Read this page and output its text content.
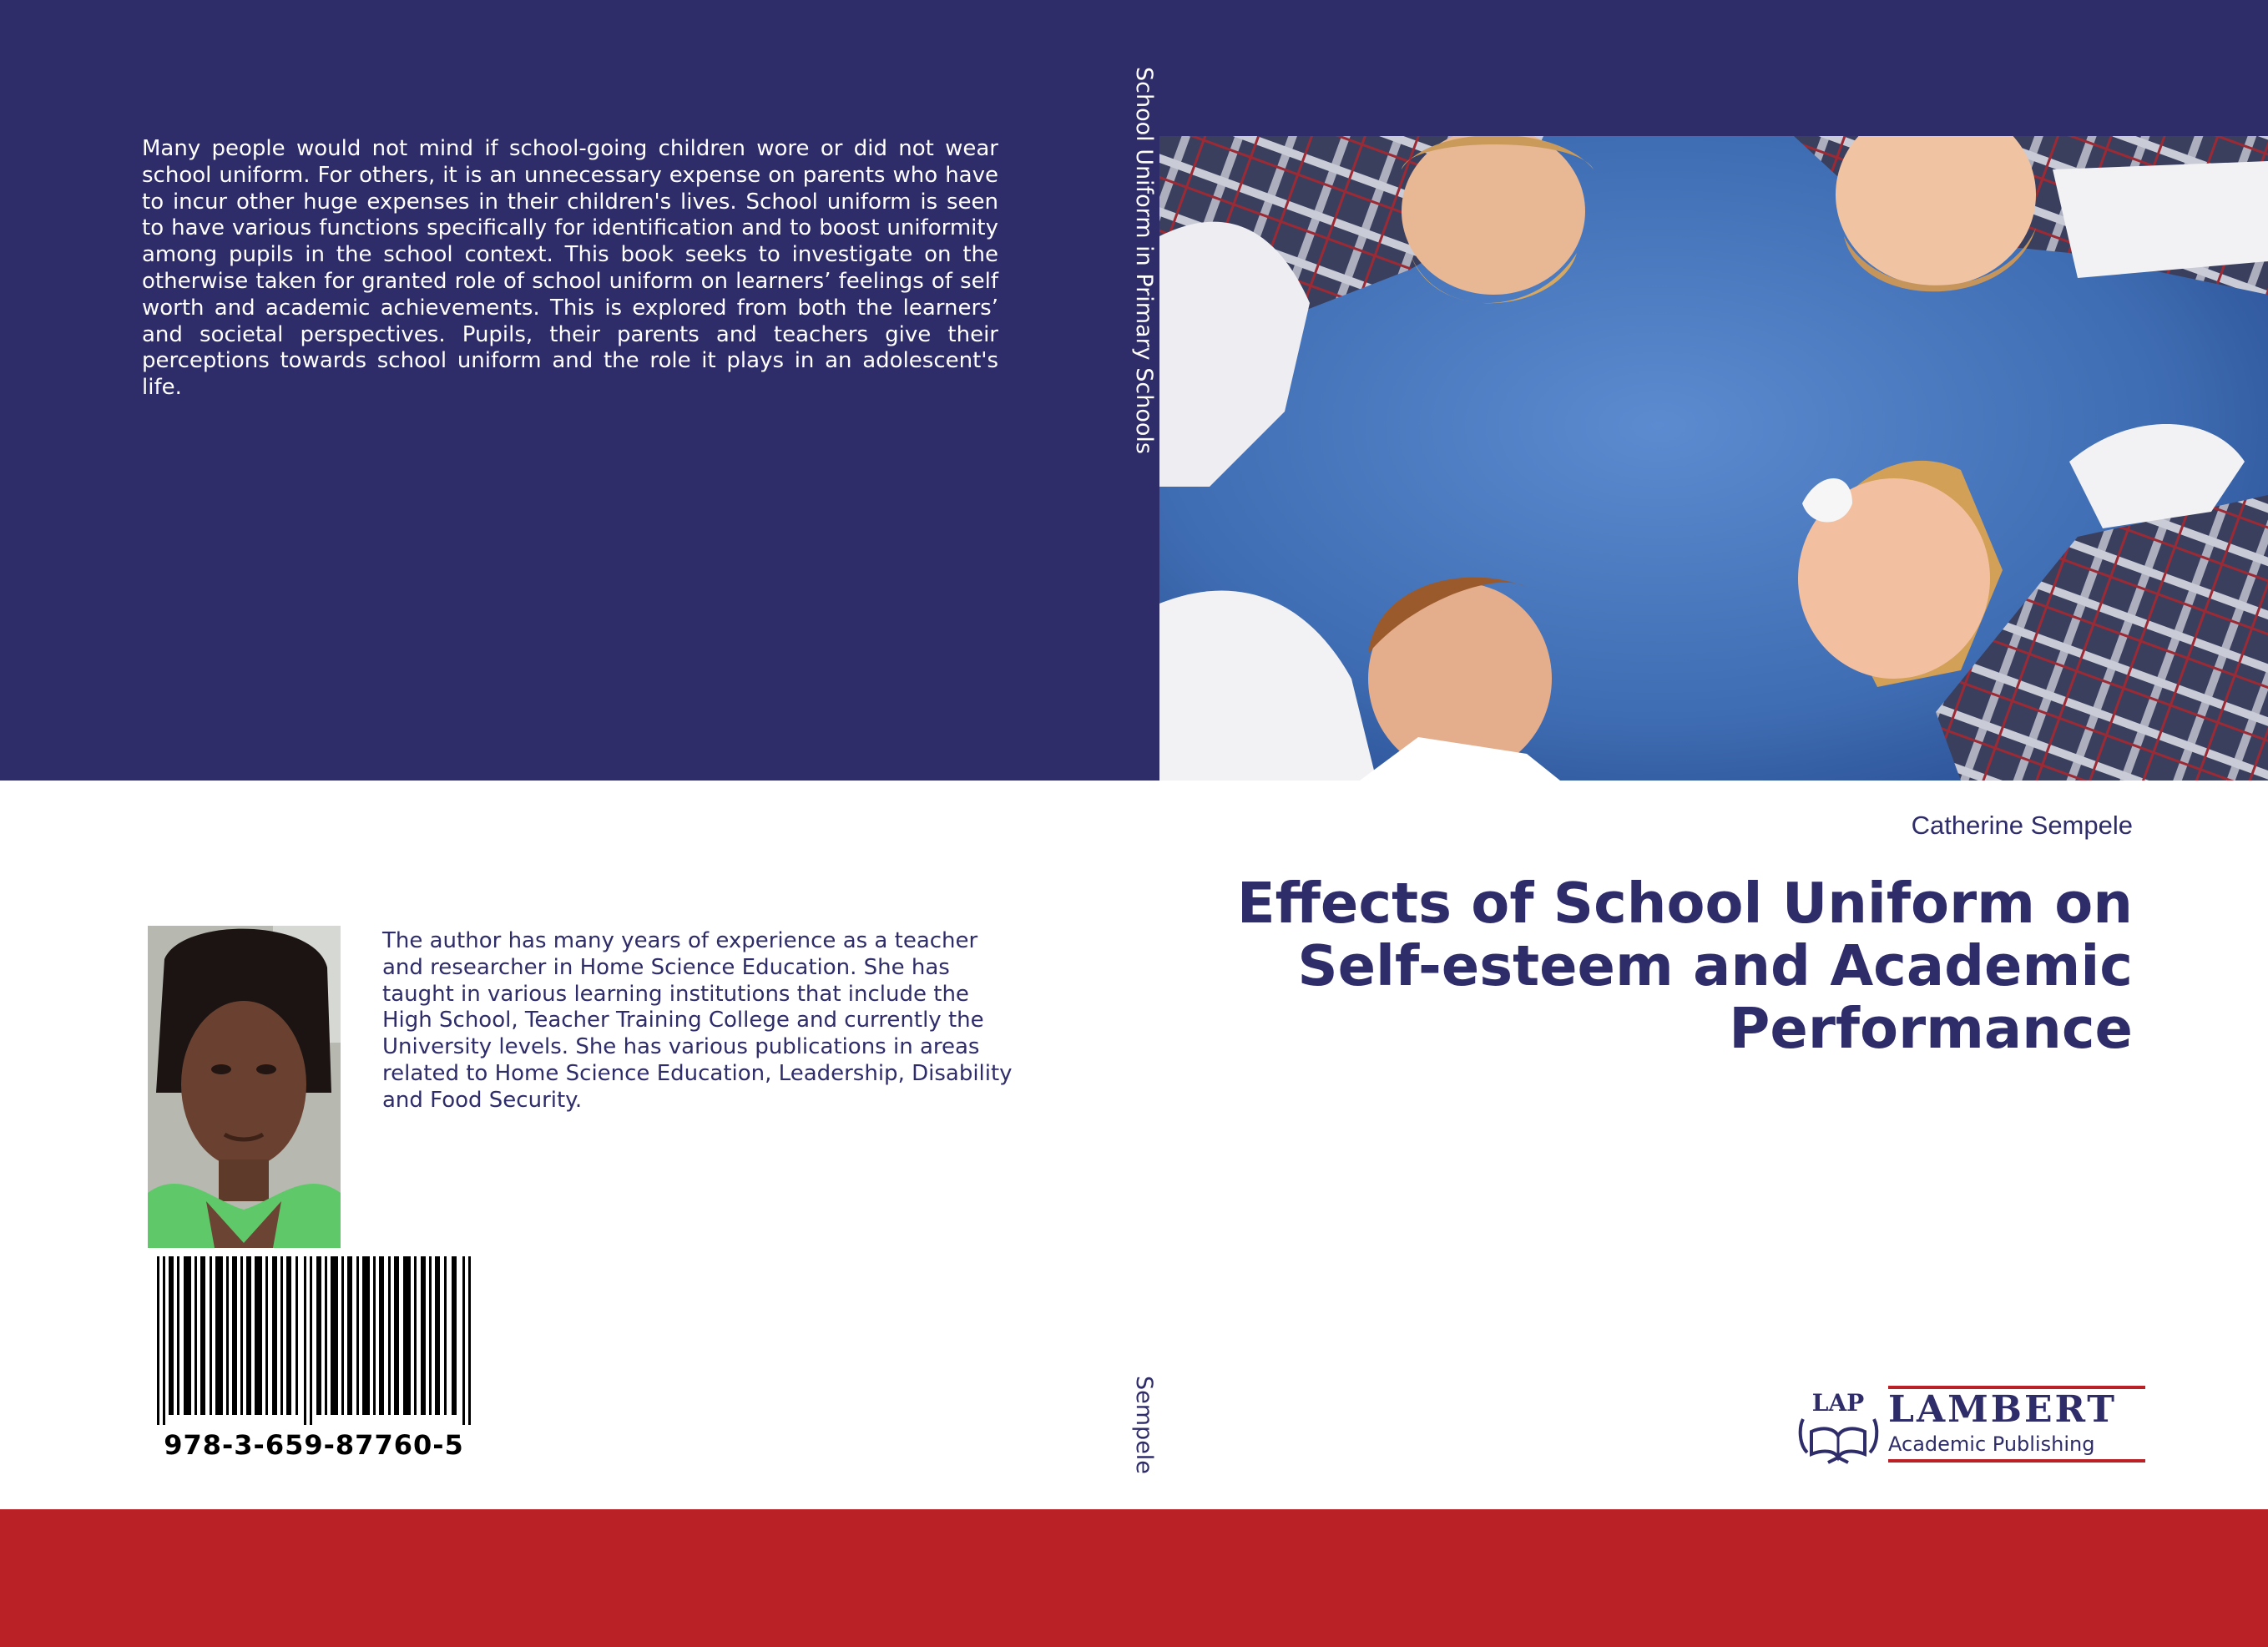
Many people would not mind if school-going children wore or did not wear school uniform. For others, it is an unnecessary expense on parents who have to incur other huge expenses in their children's lives. School uniform is seen to have various functions specifically for identification and to boost uniformity among pupils in the school context. This book seeks to investigate on the otherwise taken for granted role of school uniform on learners’ feelings of self worth and academic achievements. This is explored from both the learners’ and societal perspectives. Pupils, their parents and teachers give their perceptions towards school uniform and the role it plays in an adolescent's life.	School Uniform in Primary Schools

Sempele

Catherine Sempele

Effects of School Uniform on Self-esteem and Academic Performance

The author has many years of experience as a teacher and researcher in Home Science Education. She has taught in various learning institutions that include the High School, Teacher Training College and currently the University levels. She has various publications in areas related to Home Science Education, Leadership, Disability and Food Security.

978-3-659-87760-5

LAP LAMBERT

Academic Publishing
